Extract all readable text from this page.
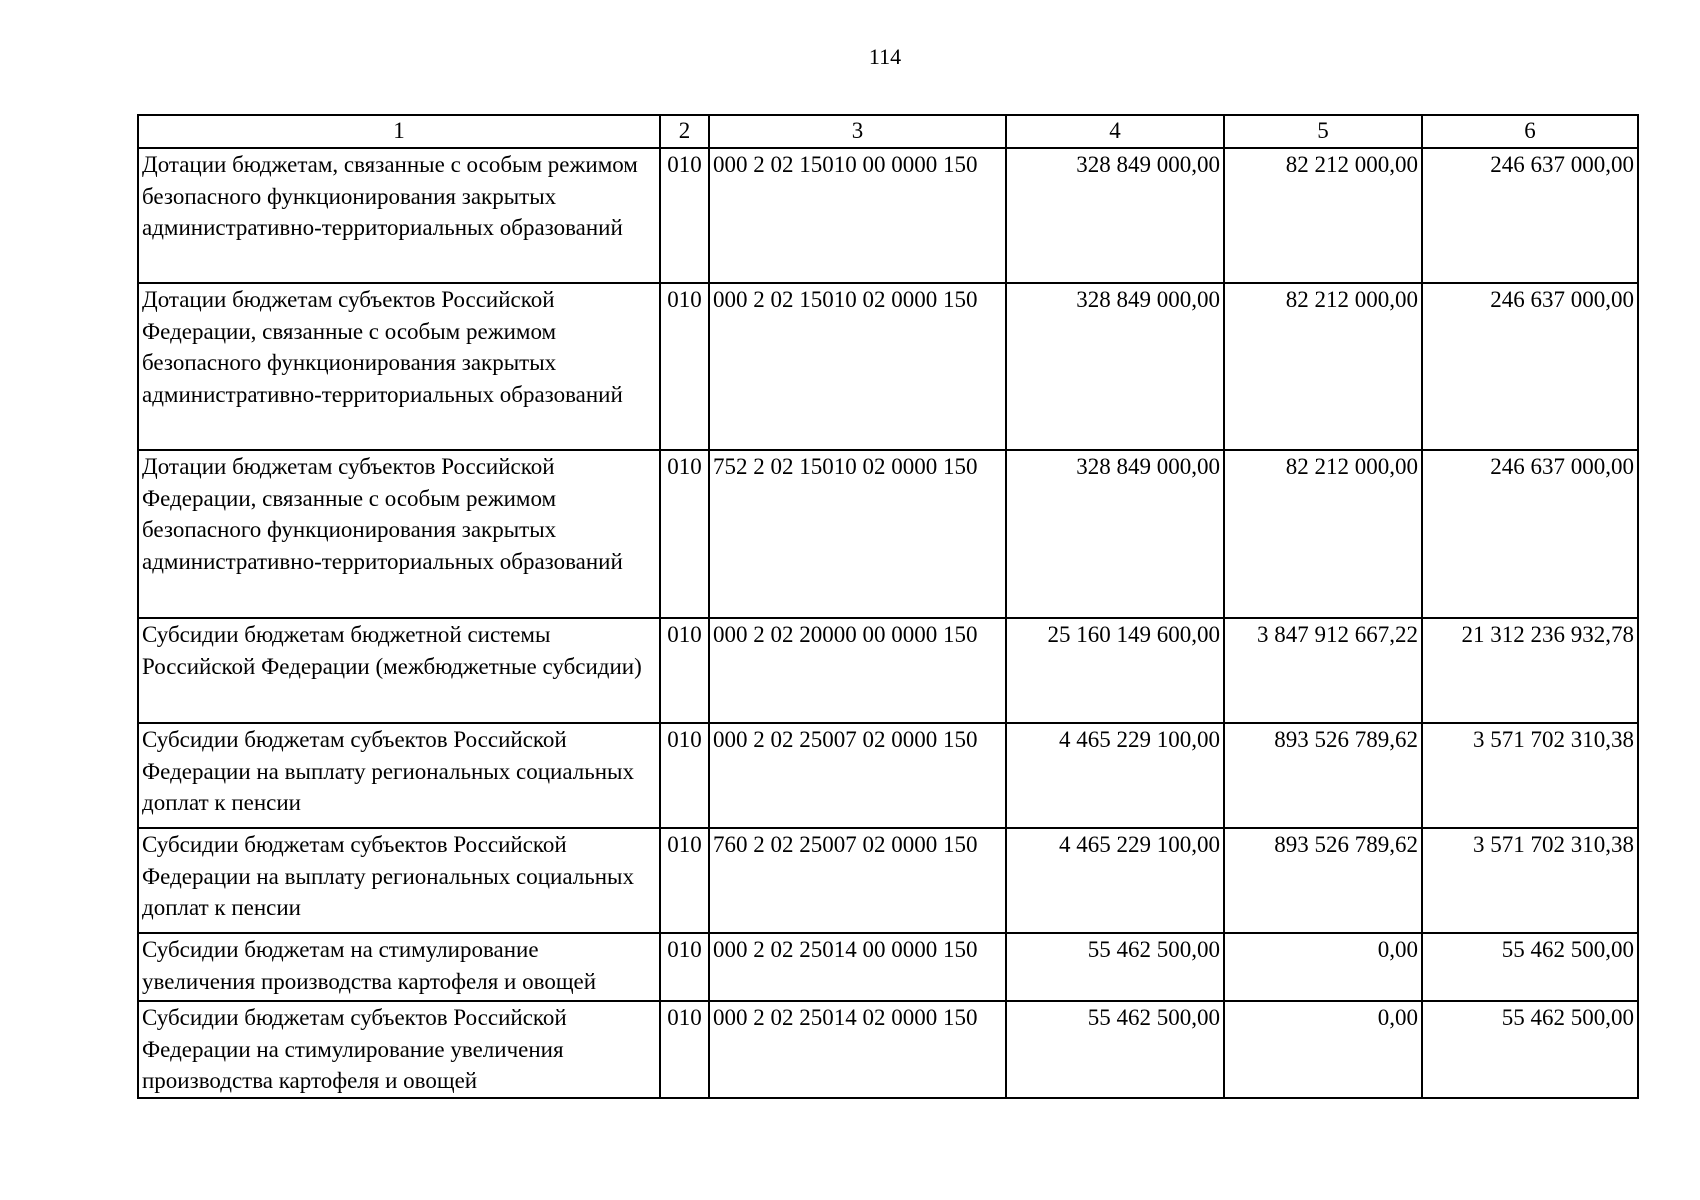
114
1	2	3	4	5	6
Дотации бюджетам, связанные с особым режимом безопасного функционирования закрытых административно-территориальных образований	010	000 2 02 15010 00 0000 150	328 849 000,00	82 212 000,00	246 637 000,00
Дотации бюджетам субъектов Российской Федерации, связанные с особым режимом безопасного функционирования закрытых административно-территориальных образований	010	000 2 02 15010 02 0000 150	328 849 000,00	82 212 000,00	246 637 000,00
Дотации бюджетам субъектов Российской Федерации, связанные с особым режимом безопасного функционирования закрытых административно-территориальных образований	010	752 2 02 15010 02 0000 150	328 849 000,00	82 212 000,00	246 637 000,00
Субсидии бюджетам бюджетной системы Российской Федерации (межбюджетные субсидии)	010	000 2 02 20000 00 0000 150	25 160 149 600,00	3 847 912 667,22	21 312 236 932,78
Субсидии бюджетам субъектов Российской Федерации на выплату региональных социальных доплат к пенсии	010	000 2 02 25007 02 0000 150	4 465 229 100,00	893 526 789,62	3 571 702 310,38
Субсидии бюджетам субъектов Российской Федерации на выплату региональных социальных доплат к пенсии	010	760 2 02 25007 02 0000 150	4 465 229 100,00	893 526 789,62	3 571 702 310,38
Субсидии бюджетам на стимулирование увеличения производства картофеля и овощей	010	000 2 02 25014 00 0000 150	55 462 500,00	0,00	55 462 500,00
Субсидии бюджетам субъектов Российской Федерации на стимулирование увеличения производства картофеля и овощей	010	000 2 02 25014 02 0000 150	55 462 500,00	0,00	55 462 500,00
